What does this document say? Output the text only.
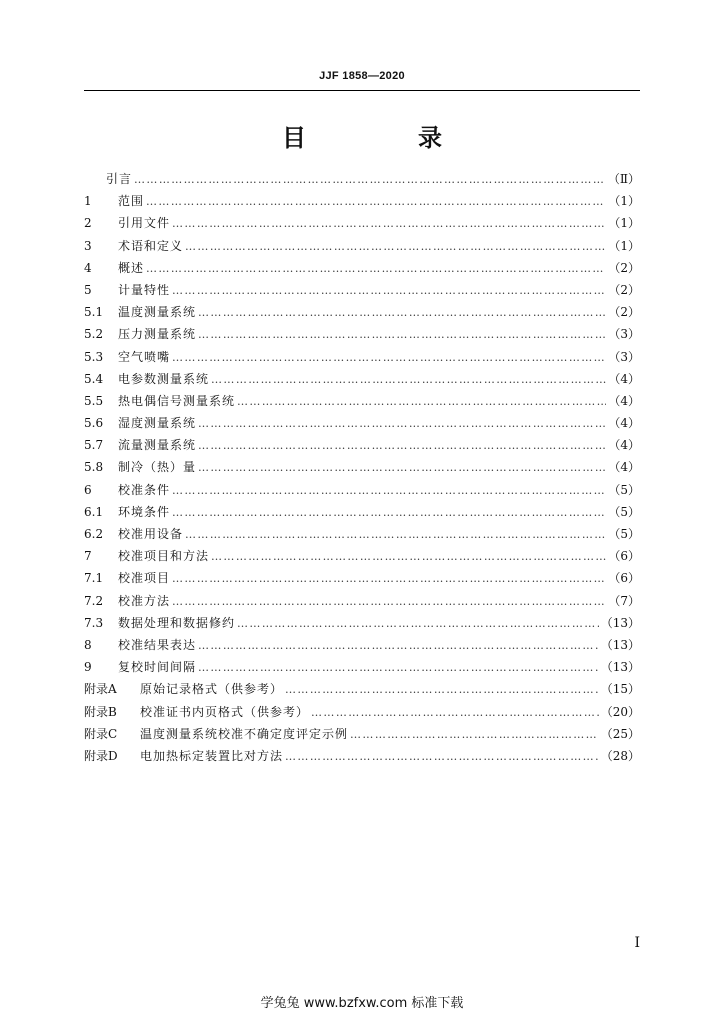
JJF 1858—2020
目　录
引言 ……………………………………………………………………………………………………………………………………………………………………………………………………………………	（Ⅱ）
1	范围 ……………………………………………………………………………………………………………………………………………………………………………………………………………………	（1）
2	引用文件 ……………………………………………………………………………………………………………………………………………………………………………………………………………………	（1）
3	术语和定义 ……………………………………………………………………………………………………………………………………………………………………………………………………………………	（1）
4	概述 ……………………………………………………………………………………………………………………………………………………………………………………………………………………	（2）
5	计量特性 ……………………………………………………………………………………………………………………………………………………………………………………………………………………	（2）
5.1	温度测量系统 ……………………………………………………………………………………………………………………………………………………………………………………………………………………	（2）
5.2	压力测量系统 ……………………………………………………………………………………………………………………………………………………………………………………………………………………	（3）
5.3	空气喷嘴 ……………………………………………………………………………………………………………………………………………………………………………………………………………………	（3）
5.4	电参数测量系统 ……………………………………………………………………………………………………………………………………………………………………………………………………………………	（4）
5.5	热电偶信号测量系统 ……………………………………………………………………………………………………………………………………………………………………………………………………………………	（4）
5.6	湿度测量系统 ……………………………………………………………………………………………………………………………………………………………………………………………………………………	（4）
5.7	流量测量系统 ……………………………………………………………………………………………………………………………………………………………………………………………………………………	（4）
5.8	制冷（热）量 ……………………………………………………………………………………………………………………………………………………………………………………………………………………	（4）
6	校准条件 ……………………………………………………………………………………………………………………………………………………………………………………………………………………	（5）
6.1	环境条件 ……………………………………………………………………………………………………………………………………………………………………………………………………………………	（5）
6.2	校准用设备 ……………………………………………………………………………………………………………………………………………………………………………………………………………………	（5）
7	校准项目和方法 ……………………………………………………………………………………………………………………………………………………………………………………………………………………	（6）
7.1	校准项目 ……………………………………………………………………………………………………………………………………………………………………………………………………………………	（6）
7.2	校准方法 ……………………………………………………………………………………………………………………………………………………………………………………………………………………	（7）
7.3	数据处理和数据修约 ……………………………………………………………………………………………………………………………………………………………………………………………………………………	（13）
8	校准结果表达 ……………………………………………………………………………………………………………………………………………………………………………………………………………………	（13）
9	复校时间间隔 ……………………………………………………………………………………………………………………………………………………………………………………………………………………	（13）
附录A	原始记录格式（供参考） ……………………………………………………………………………………………………………………………………………………………………………………………………………………	（15）
附录B	校准证书内页格式（供参考） ……………………………………………………………………………………………………………………………………………………………………………………………………………………	（20）
附录C	温度测量系统校准不确定度评定示例 ……………………………………………………………………………………………………………………………………………………………………………………………………………………	（25）
附录D	电加热标定装置比对方法 ……………………………………………………………………………………………………………………………………………………………………………………………………………………	（28）
I
学兔兔 www.bzfxw.com 标准下载
